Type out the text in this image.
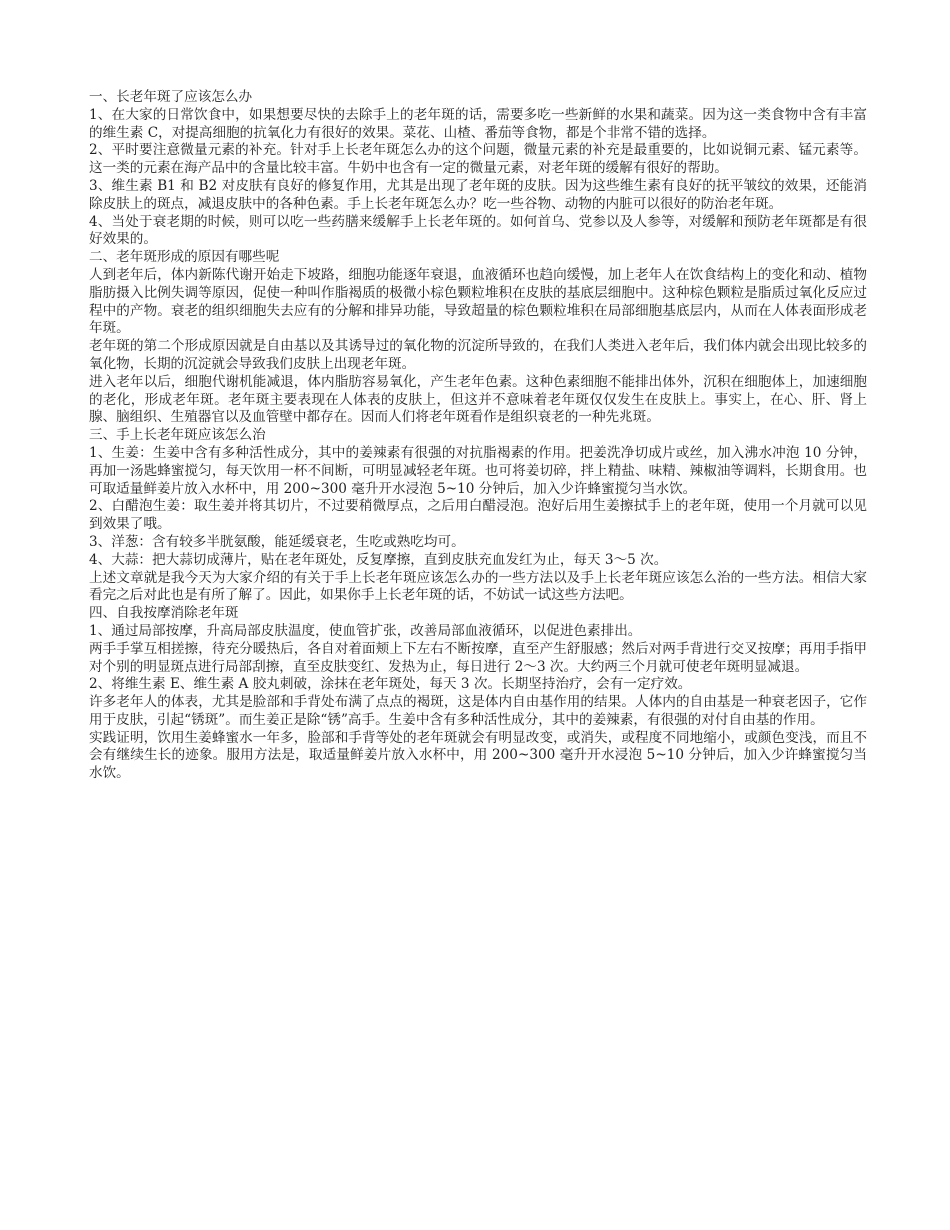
一、长老年斑了应该怎么办

1、在大家的日常饮食中，如果想要尽快的去除手上的老年斑的话，需要多吃一些新鲜的水果和蔬菜。因为这一类食物中含有丰富的维生素 C，对提高细胞的抗氧化力有很好的效果。菜花、山楂、番茄等食物，都是个非常不错的选择。

2、平时要注意微量元素的补充。针对手上长老年斑怎么办的这个问题，微量元素的补充是最重要的，比如说铜元素、锰元素等。这一类的元素在海产品中的含量比较丰富。牛奶中也含有一定的微量元素，对老年斑的缓解有很好的帮助。

3、维生素 B1 和 B2 对皮肤有良好的修复作用，尤其是出现了老年斑的皮肤。因为这些维生素有良好的抚平皱纹的效果，还能消除皮肤上的斑点，减退皮肤中的各种色素。手上长老年斑怎么办？吃一些谷物、动物的内脏可以很好的防治老年斑。

4、当处于衰老期的时候，则可以吃一些药膳来缓解手上长老年斑的。如何首乌、党参以及人参等，对缓解和预防老年斑都是有很好效果的。

二、老年斑形成的原因有哪些呢

人到老年后，体内新陈代谢开始走下坡路，细胞功能逐年衰退，血液循环也趋向缓慢，加上老年人在饮食结构上的变化和动、植物脂肪摄入比例失调等原因，促使一种叫作脂褐质的极微小棕色颗粒堆积在皮肤的基底层细胞中。这种棕色颗粒是脂质过氧化反应过程中的产物。衰老的组织细胞失去应有的分解和排异功能，导致超量的棕色颗粒堆积在局部细胞基底层内，从而在人体表面形成老年斑。

老年斑的第二个形成原因就是自由基以及其诱导过的氧化物的沉淀所导致的，在我们人类进入老年后，我们体内就会出现比较多的氧化物，长期的沉淀就会导致我们皮肤上出现老年斑。

进入老年以后，细胞代谢机能减退，体内脂肪容易氧化，产生老年色素。这种色素细胞不能排出体外，沉积在细胞体上，加速细胞的老化，形成老年斑。老年斑主要表现在人体表的皮肤上，但这并不意味着老年斑仅仅发生在皮肤上。事实上，在心、肝、肾上腺、脑组织、生殖器官以及血管壁中都存在。因而人们将老年斑看作是组织衰老的一种先兆斑。

三、手上长老年斑应该怎么治

1、生姜：生姜中含有多种活性成分，其中的姜辣素有很强的对抗脂褐素的作用。把姜洗净切成片或丝，加入沸水冲泡 10 分钟，再加一汤匙蜂蜜搅匀，每天饮用一杯不间断，可明显减轻老年斑。也可将姜切碎，拌上精盐、味精、辣椒油等调料，长期食用。也可取适量鲜姜片放入水杯中，用 200~300 毫升开水浸泡 5~10 分钟后，加入少许蜂蜜搅匀当水饮。

2、白醋泡生姜：取生姜并将其切片，不过要稍微厚点，之后用白醋浸泡。泡好后用生姜擦拭手上的老年斑，使用一个月就可以见到效果了哦。

3、洋葱：含有较多半胱氨酸，能延缓衰老，生吃或熟吃均可。

4、大蒜：把大蒜切成薄片，贴在老年斑处，反复摩擦，直到皮肤充血发红为止，每天 3～5 次。

上述文章就是我今天为大家介绍的有关于手上长老年斑应该怎么办的一些方法以及手上长老年斑应该怎么治的一些方法。相信大家看完之后对此也是有所了解了。因此，如果你手上长老年斑的话，不妨试一试这些方法吧。

四、自我按摩消除老年斑

1、通过局部按摩，升高局部皮肤温度，使血管扩张，改善局部血液循环，以促进色素排出。

两手手掌互相搓擦，待充分暖热后，各自对着面颊上下左右不断按摩，直至产生舒服感；然后对两手背进行交叉按摩；再用手指甲对个别的明显斑点进行局部刮擦，直至皮肤变红、发热为止，每日进行 2～3 次。大约两三个月就可使老年斑明显减退。

2、将维生素 E、维生素 A 胶丸刺破，涂抹在老年斑处，每天 3 次。长期坚持治疗，会有一定疗效。

许多老年人的体表，尤其是脸部和手背处布满了点点的褐斑，这是体内自由基作用的结果。人体内的自由基是一种衰老因子，它作用于皮肤，引起“锈斑”。而生姜正是除“锈”高手。生姜中含有多种活性成分，其中的姜辣素，有很强的对付自由基的作用。

实践证明，饮用生姜蜂蜜水一年多，脸部和手背等处的老年斑就会有明显改变，或消失，或程度不同地缩小，或颜色变浅，而且不会有继续生长的迹象。服用方法是，取适量鲜姜片放入水杯中，用 200~300 毫升开水浸泡 5~10 分钟后，加入少许蜂蜜搅匀当水饮。
